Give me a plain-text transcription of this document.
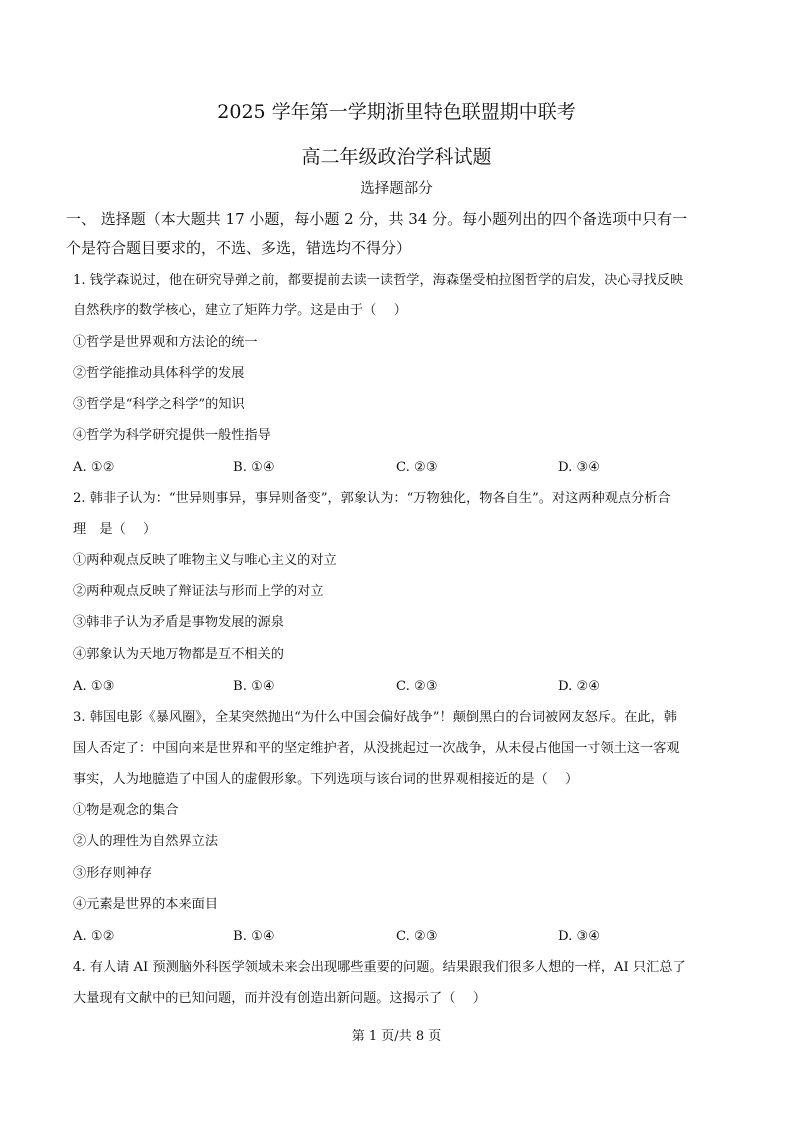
2025 学年第一学期浙里特色联盟期中联考
高二年级政治学科试题
选择题部分
一、 选择题（本大题共 17 小题，每小题 2 分，共 34 分。每小题列出的四个备选项中只有一
个是符合题目要求的，不选、多选，错选均不得分）
1. 钱学森说过，他在研究导弹之前，都要提前去读一读哲学，海森堡受柏拉图哲学的启发，决心寻找反映
自然秩序的数学核心，建立了矩阵力学。这是由于（　 ）
①哲学是世界观和方法论的统一
②哲学能推动具体科学的发展
③哲学是“科学之科学”的知识
④哲学为科学研究提供一般性指导
A. ①②	B. ①④	C. ②③	D. ③④
2. 韩非子认为：“世异则事异，事异则备变”，郭象认为：“万物独化，物各自生”。对这两种观点分析合
理　是（　 ）
①两种观点反映了唯物主义与唯心主义的对立
②两种观点反映了辩证法与形而上学的对立
③韩非子认为矛盾是事物发展的源泉
④郭象认为天地万物都是互不相关的
A. ①③	B. ①④	C. ②③	D. ②④
3. 韩国电影《暴风圈》，全某突然抛出“为什么中国会偏好战争”！颠倒黑白的台词被网友怒斥。在此，韩
国人否定了：中国向来是世界和平的坚定维护者，从没挑起过一次战争，从未侵占他国一寸领土这一客观
事实，人为地臆造了中国人的虚假形象。下列选项与该台词的世界观相接近的是（　 ）
①物是观念的集合
②人的理性为自然界立法
③形存则神存
④元素是世界的本来面目
A. ①②	B. ①④	C. ②③	D. ③④
4. 有人请 AI 预测脑外科医学领域未来会出现哪些重要的问题。结果跟我们很多人想的一样，AI 只汇总了
大量现有文献中的已知问题，而并没有创造出新问题。这揭示了（　 ）
第 1 页/共 8 页
